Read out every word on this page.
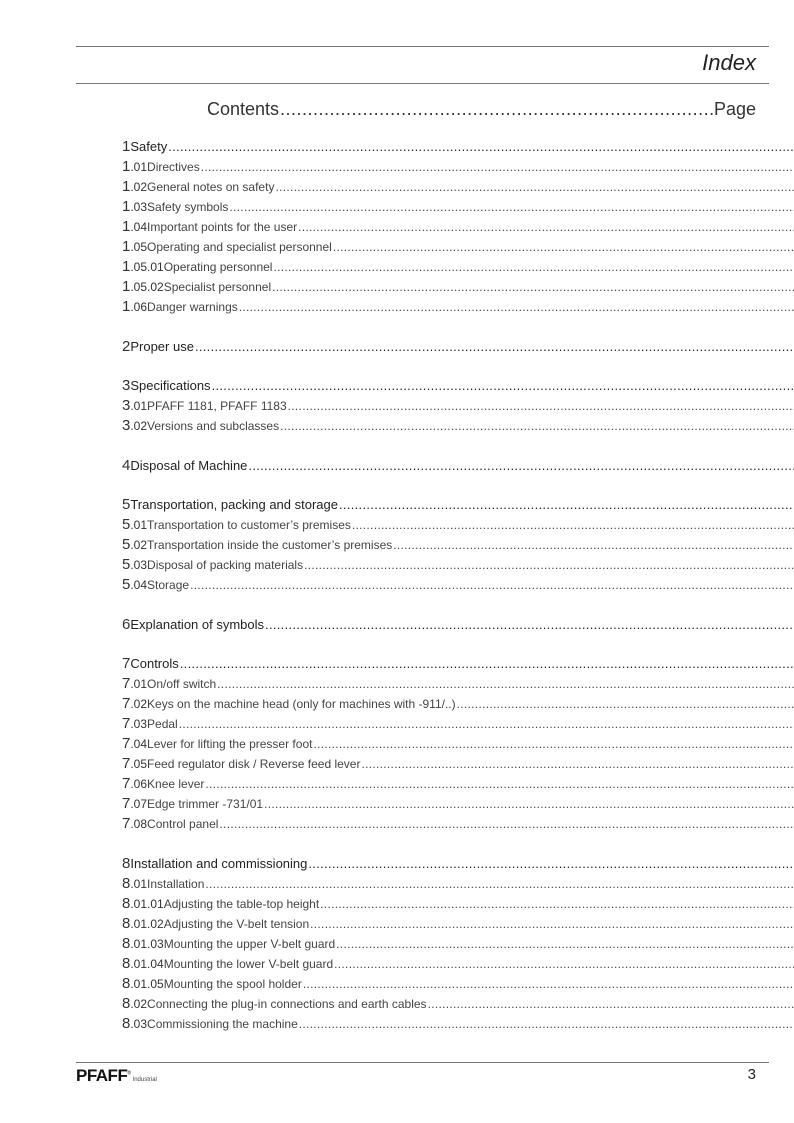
Index
Contents .....	Page
1 Safety
.....
1.01 Directives
.....
1.02 General notes on safety
.....
1.03 Safety symbols
.....
1.04 Important points for the user
.....
1.05 Operating and specialist personnel
.....
1.05.01 Operating personnel
.....
1.05.02 Specialist personnel
.....
1.06 Danger warnings
.....
2 Proper use
.....
3 Specifications
.....
3.01 PFAFF 1181, PFAFF 1183
.....
3.02 Versions and subclasses
.....
4 Disposal of Machine
.....
5 Transportation, packing and storage
.....
5.01 Transportation to customer’s premises
.....
5.02 Transportation inside the customer’s premises
.....
5.03 Disposal of packing materials
.....
5.04 Storage
.....
6 Explanation of symbols
.....
7 Controls
.....
7.01 On/off switch
.....
7.02 Keys on the machine head (only for machines with -911/..)
.....
7.03 Pedal
.....
7.04 Lever for lifting the presser foot
.....
7.05 Feed regulator disk / Reverse feed lever
.....
7.06 Knee lever
.....
7.07 Edge trimmer -731/01
.....
7.08 Control panel
.....
8 Installation and commissioning
.....
8.01 Installation
.....
8.01.01 Adjusting the table-top height
.....
8.01.02 Adjusting the V-belt tension
.....
8.01.03 Mounting the upper V-belt guard
.....
8.01.04 Mounting the lower V-belt guard
.....
8.01.05 Mounting the spool holder
.....
8.02 Connecting the plug-in connections and earth cables
.....
8.03 Commissioning the machine
.....
PFAFF®Industrial	3
